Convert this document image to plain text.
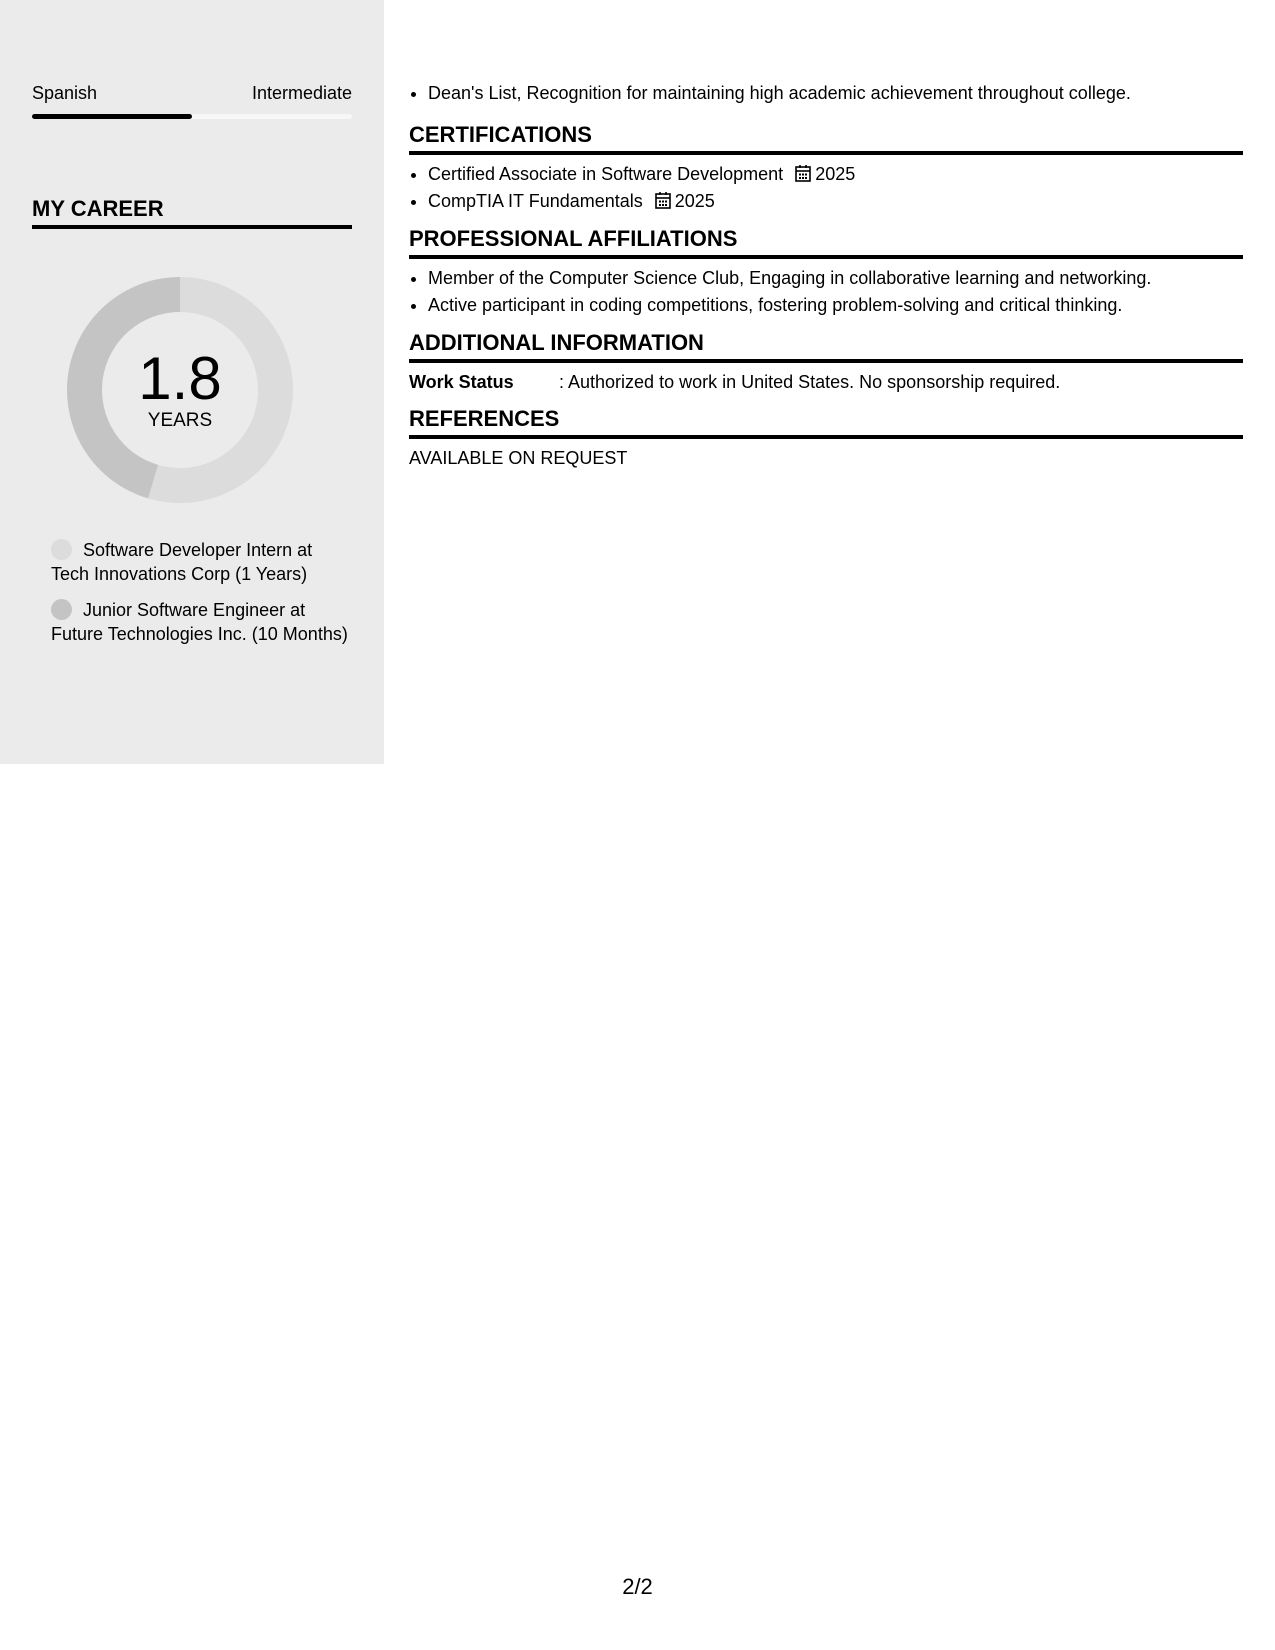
Spanish	Intermediate
MY CAREER
1.8
YEARS
Software Developer Intern at Tech Innovations Corp (1 Years)
Junior Software Engineer at Future Technologies Inc. (10 Months)
• Dean's List, Recognition for maintaining high academic achievement throughout college.
CERTIFICATIONS
• Certified Associate in Software Development 2025
• CompTIA IT Fundamentals 2025
PROFESSIONAL AFFILIATIONS
• Member of the Computer Science Club, Engaging in collaborative learning and networking.
• Active participant in coding competitions, fostering problem-solving and critical thinking.
ADDITIONAL INFORMATION
Work Status	: Authorized to work in United States. No sponsorship required.
REFERENCES
AVAILABLE ON REQUEST
2/2
